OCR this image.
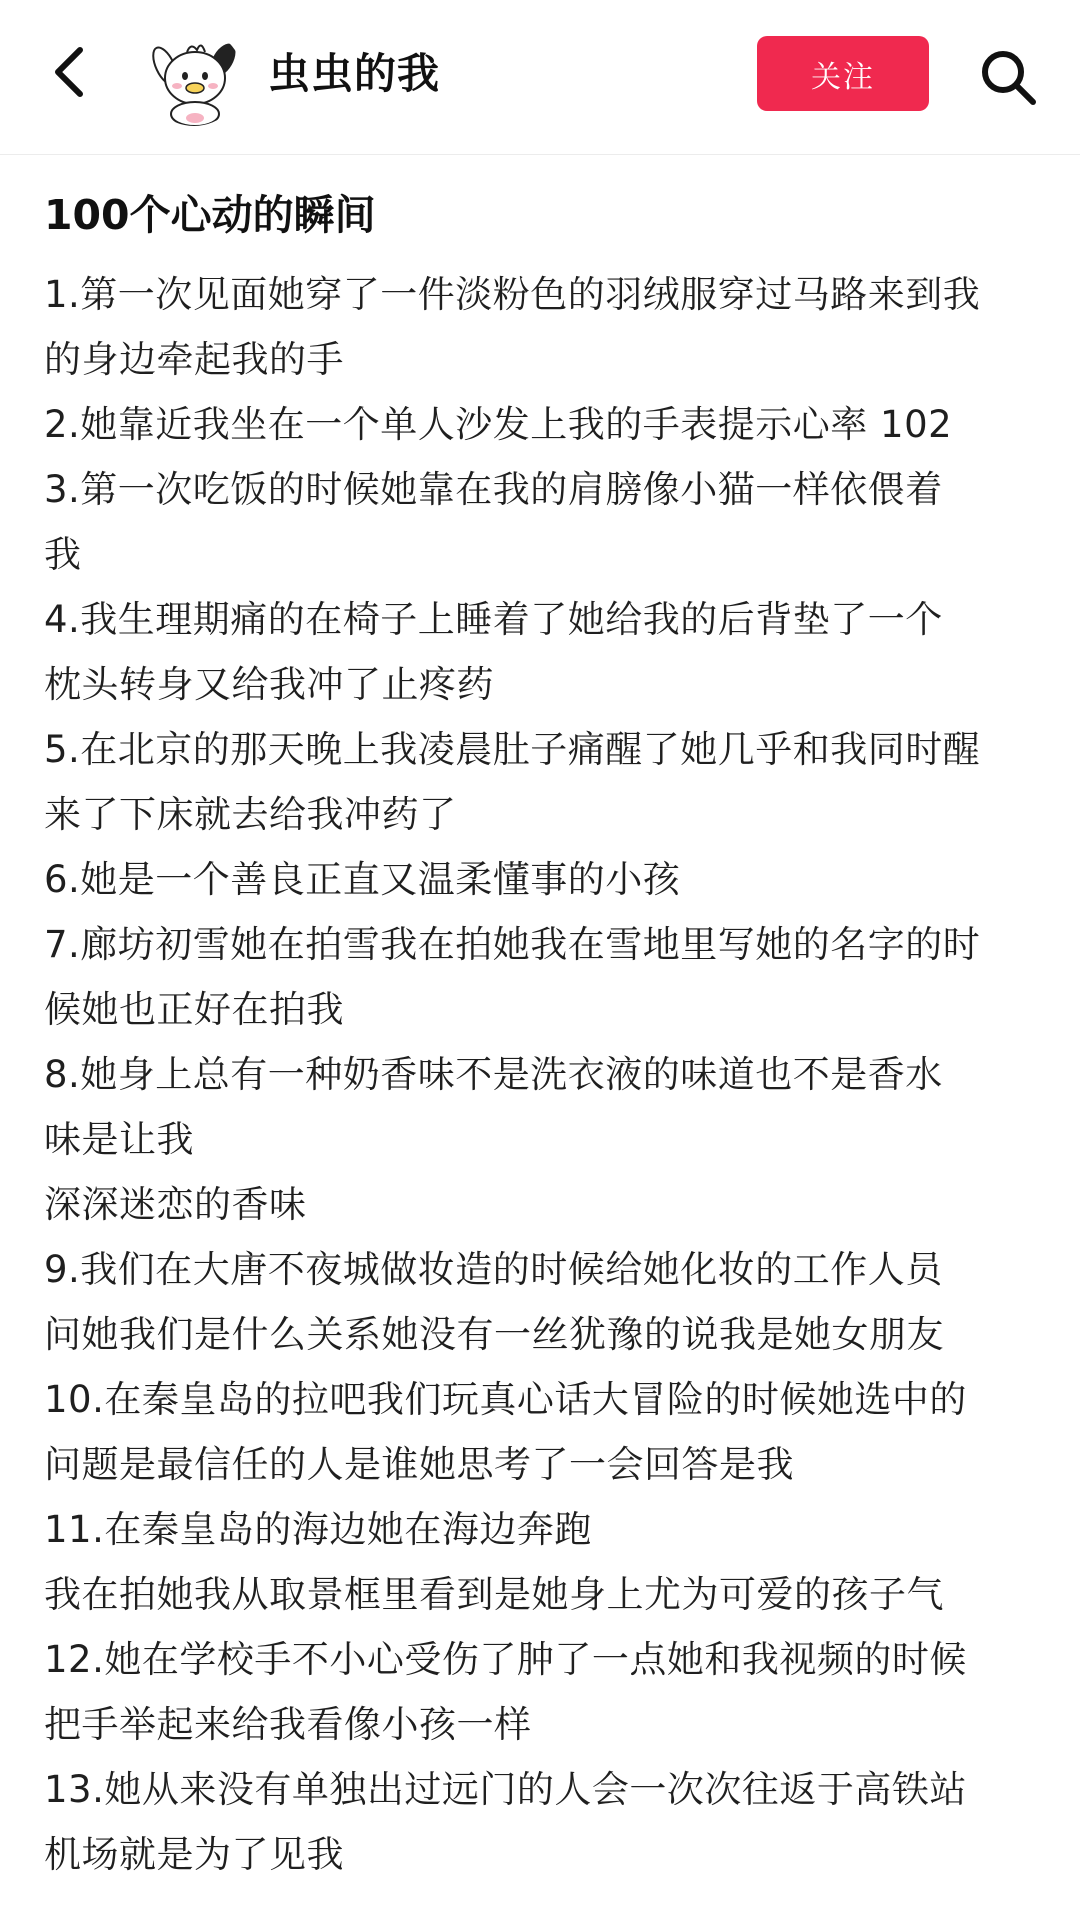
虫虫的我	关注
100个心动的瞬间
1.第一次见面她穿了一件淡粉色的羽绒服穿过马路来到我
的身边牵起我的手
2.她靠近我坐在一个单人沙发上我的手表提示心率 102
3.第一次吃饭的时候她靠在我的肩膀像小猫一样依偎着
我
4.我生理期痛的在椅子上睡着了她给我的后背垫了一个
枕头转身又给我冲了止疼药
5.在北京的那天晚上我凌晨肚子痛醒了她几乎和我同时醒
来了下床就去给我冲药了
6.她是一个善良正直又温柔懂事的小孩
7.廊坊初雪她在拍雪我在拍她我在雪地里写她的名字的时
候她也正好在拍我
8.她身上总有一种奶香味不是洗衣液的味道也不是香水
味是让我
深深迷恋的香味
9.我们在大唐不夜城做妆造的时候给她化妆的工作人员
问她我们是什么关系她没有一丝犹豫的说我是她女朋友
10.在秦皇岛的拉吧我们玩真心话大冒险的时候她选中的
问题是最信任的人是谁她思考了一会回答是我
11.在秦皇岛的海边她在海边奔跑
我在拍她我从取景框里看到是她身上尤为可爱的孩子气
12.她在学校手不小心受伤了肿了一点她和我视频的时候
把手举起来给我看像小孩一样
13.她从来没有单独出过远门的人会一次次往返于高铁站
机场就是为了见我
